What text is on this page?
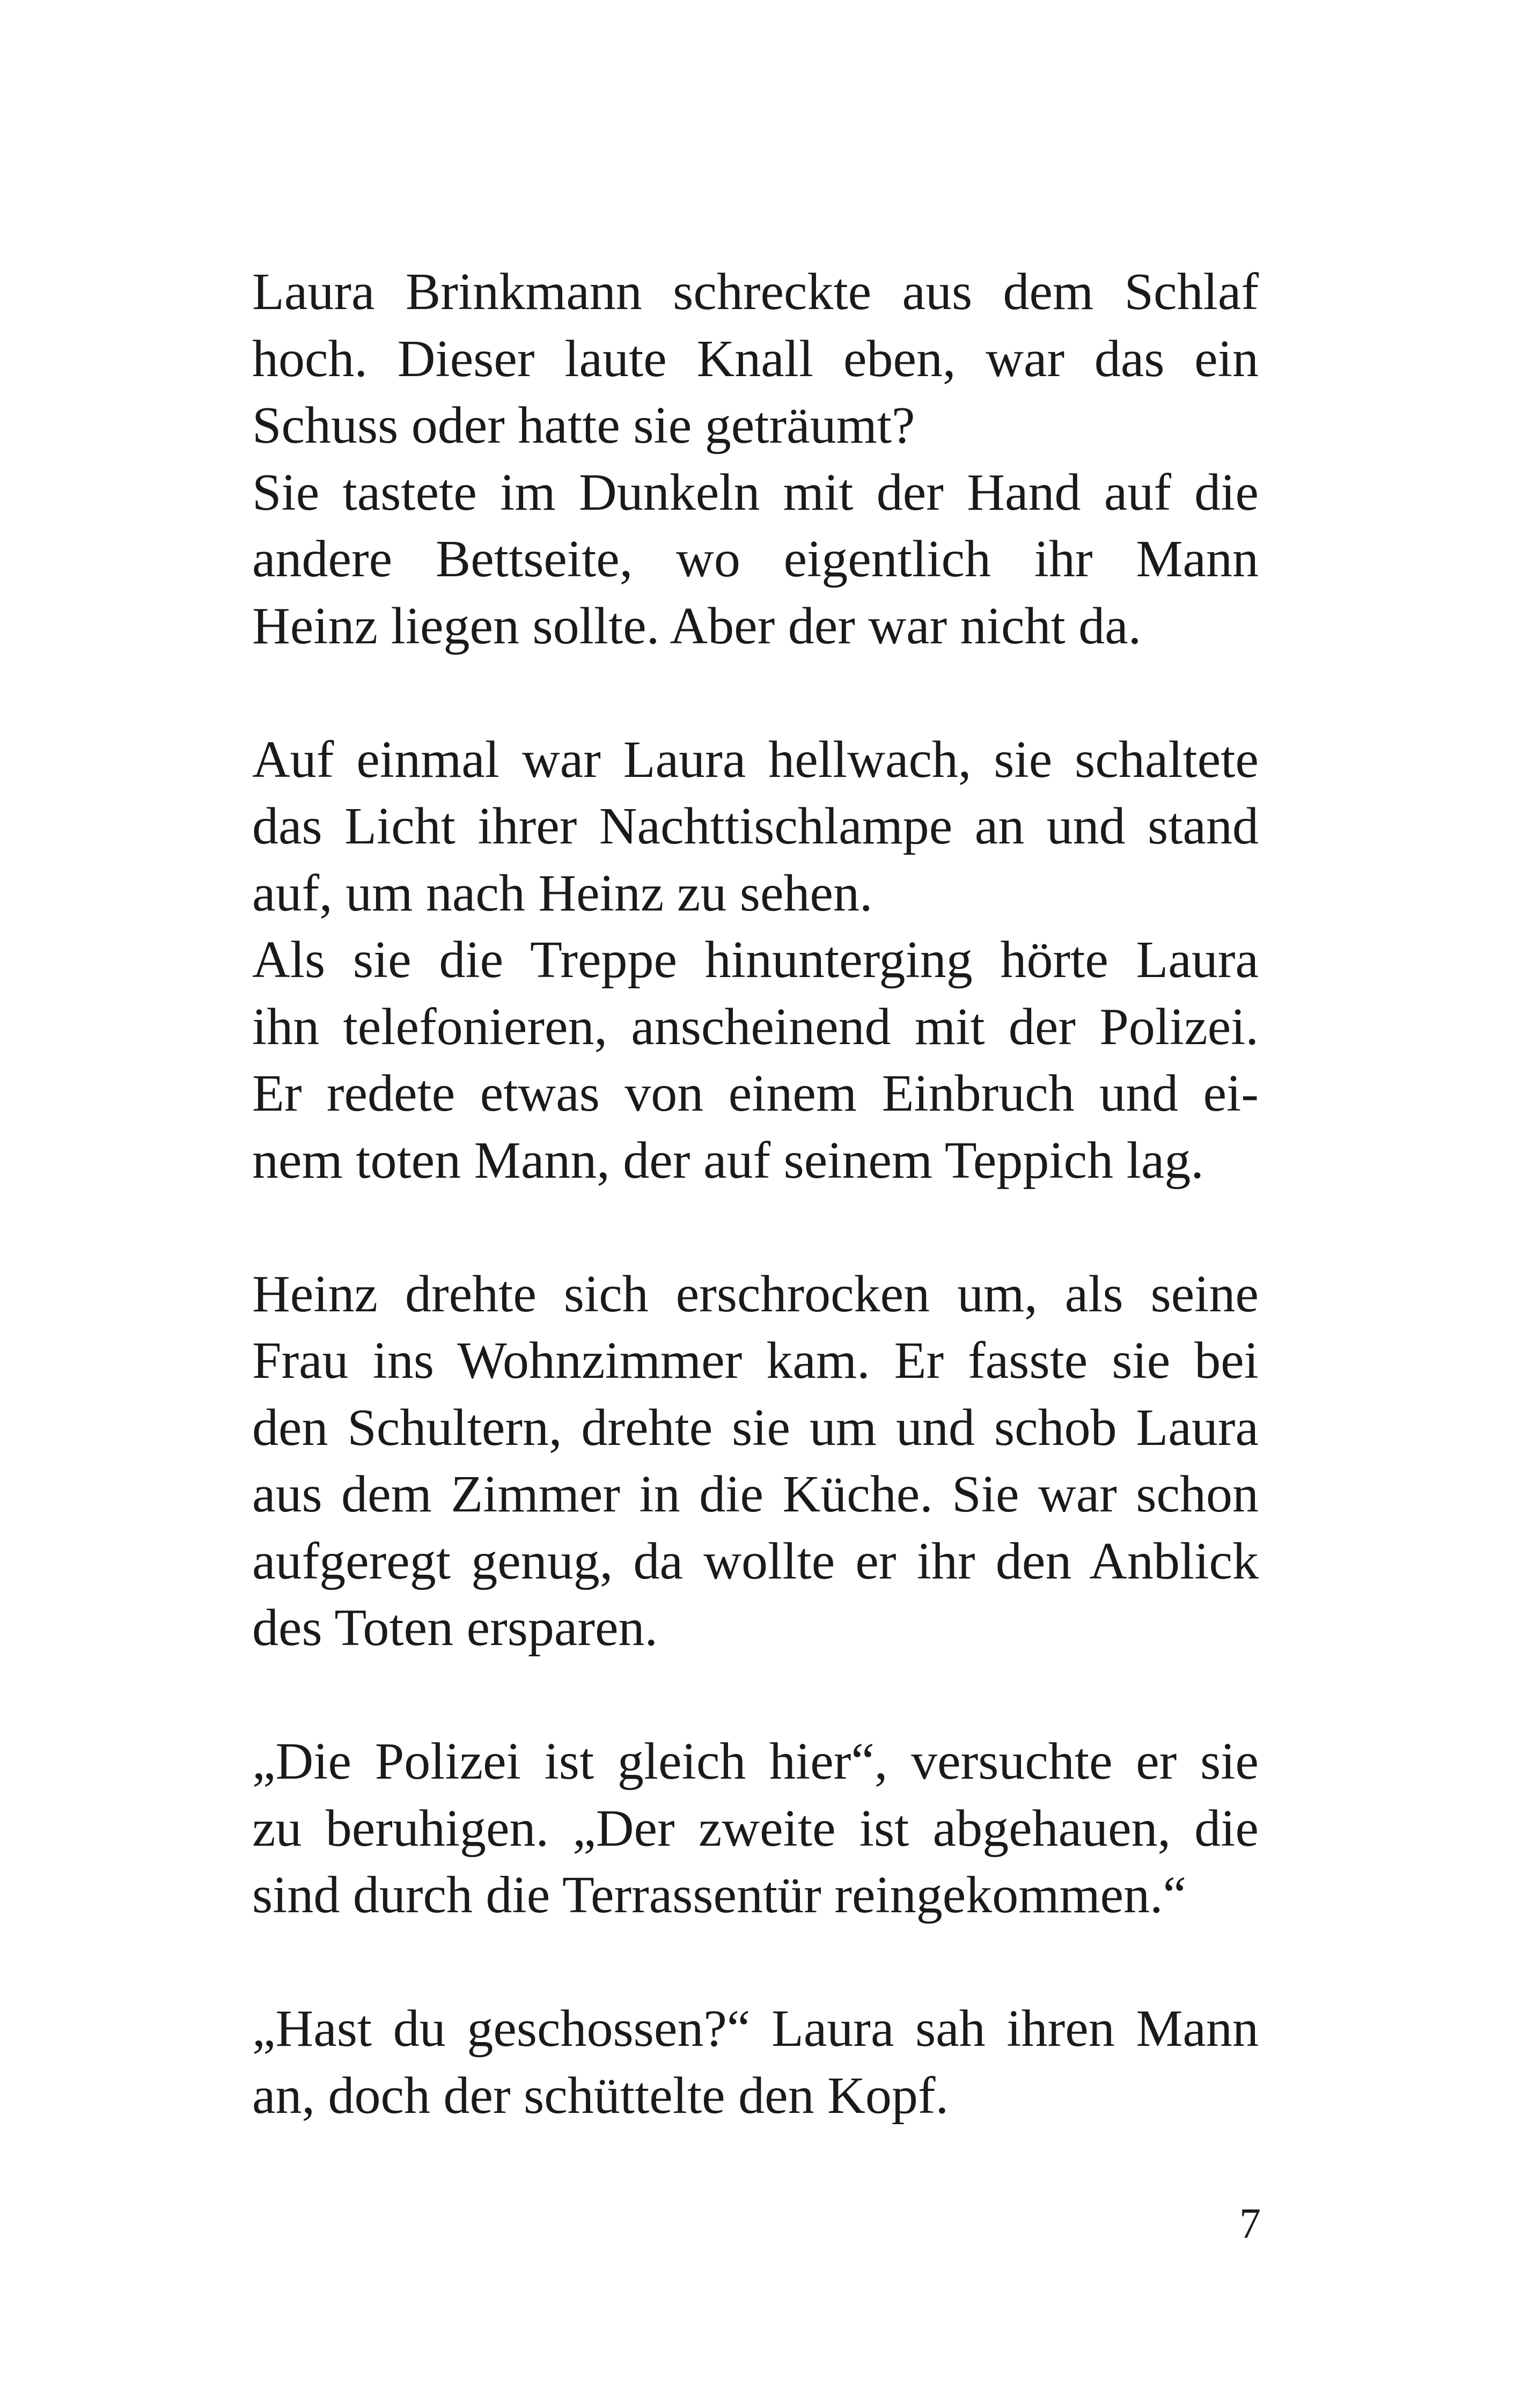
Laura Brinkmann schreckte aus dem Schlaf
hoch. Dieser laute Knall eben, war das ein
Schuss oder hatte sie geträumt?
Sie tastete im Dunkeln mit der Hand auf die
andere Bettseite, wo eigentlich ihr Mann
Heinz liegen sollte. Aber der war nicht da.
Auf einmal war Laura hellwach, sie schaltete
das Licht ihrer Nachttischlampe an und stand
auf, um nach Heinz zu sehen.
Als sie die Treppe hinunterging hörte Laura
ihn telefonieren, anscheinend mit der Polizei.
Er redete etwas von einem Einbruch und ei-
nem toten Mann, der auf seinem Teppich lag.
Heinz drehte sich erschrocken um, als seine
Frau ins Wohnzimmer kam. Er fasste sie bei
den Schultern, drehte sie um und schob Laura
aus dem Zimmer in die Küche. Sie war schon
aufgeregt genug, da wollte er ihr den Anblick
des Toten ersparen.
„Die Polizei ist gleich hier“, versuchte er sie
zu beruhigen. „Der zweite ist abgehauen, die
sind durch die Terrassentür reingekommen.“
„Hast du geschossen?“ Laura sah ihren Mann
an, doch der schüttelte den Kopf.
7
